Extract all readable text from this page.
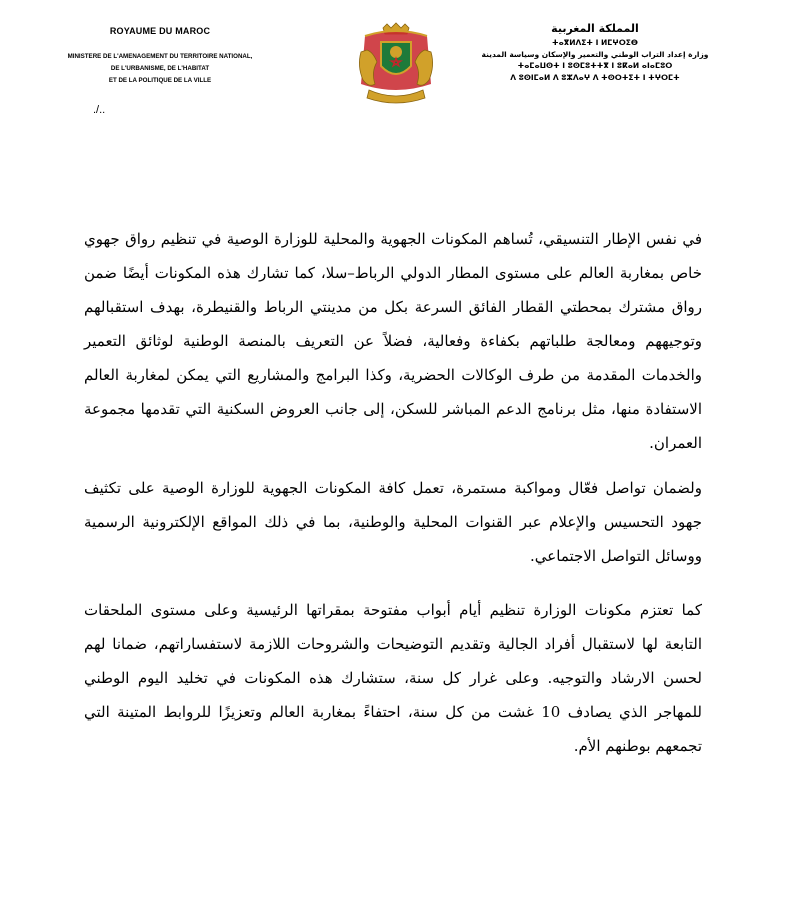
ROYAUME DU MAROC
MINISTERE DE L'AMENAGEMENT DU TERRITOIRE NATIONAL,
DE L'URBANISME, DE L'HABITAT
ET DE LA POLITIQUE DE LA VILLE
./..
المملكة المغربية
ⵜⴰⴳⵍⴷⵉⵜ ⵏ ⵍⵎⵖⵔⵉⴱ
وزارة إعداد التراب الوطني والتعمير والإسكان وسياسة المدينة
ⵜⴰⵎⴰⵡⵙⵜ ⵏ ⵓⵙⵎⵓⵜⵜⴳ ⵏ ⵓⴽⴰⵍ ⴰⵏⴰⵎⵓⵔ
ⴷ ⵓⵙⵏⵎⴰⵍ ⴷ ⵓⵣⴷⴰⵖ ⴷ ⵜⵙⵔⵜⵉⵜ ⵏ ⵜⵖⵔⵎⵜ

في نفس الإطار التنسيقي، تُساهم المكونات الجهوية والمحلية للوزارة الوصية في تنظيم رواق جهوي خاص بمغاربة العالم على مستوى المطار الدولي الرباط–سلا، كما تشارك هذه المكونات أيضًا ضمن رواق مشترك بمحطتي القطار الفائق السرعة بكل من مدينتي الرباط والقنيطرة، بهدف استقبالهم وتوجيههم ومعالجة طلباتهم بكفاءة وفعالية، فضلاً عن التعريف بالمنصة الوطنية لوثائق التعمير والخدمات المقدمة من طرف الوكالات الحضرية، وكذا البرامج والمشاريع التي يمكن لمغاربة العالم الاستفادة منها، مثل برنامج الدعم المباشر للسكن، إلى جانب العروض السكنية التي تقدمها مجموعة العمران.

ولضمان تواصل فعّال ومواكبة مستمرة، تعمل كافة المكونات الجهوية للوزارة الوصية على تكثيف جهود التحسيس والإعلام عبر القنوات المحلية والوطنية، بما في ذلك المواقع الإلكترونية الرسمية ووسائل التواصل الاجتماعي.

كما تعتزم مكونات الوزارة تنظيم أيام أبواب مفتوحة بمقراتها الرئيسية وعلى مستوى الملحقات التابعة لها لاستقبال أفراد الجالية وتقديم التوضيحات والشروحات اللازمة لاستفساراتهم، ضمانا لهم لحسن الارشاد والتوجيه. وعلى غرار كل سنة، ستشارك هذه المكونات في تخليد اليوم الوطني للمهاجر الذي يصادف 10 غشت من كل سنة، احتفاءً بمغاربة العالم وتعزيزًا للروابط المتينة التي تجمعهم بوطنهم الأم.
